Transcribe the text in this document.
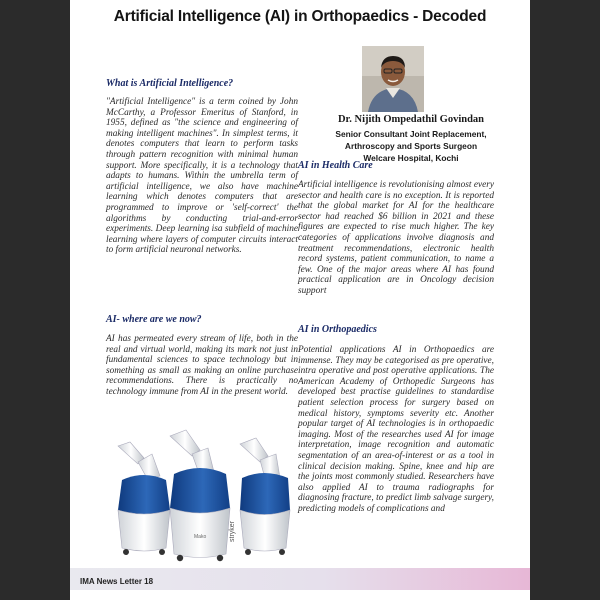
Artificial Intelligence (AI) in Orthopaedics - Decoded
What is Artificial Intelligence?

"Artificial Intelligence" is a term coined by John McCarthy, a Professor Emeritus of Stanford, in 1955, defined as "the science and engineering of making intelligent machines". In simplest terms, it denotes computers that learn to perform tasks through pattern recognition with minimal human support. More specifically, it is a technology that adapts to humans. Within the umbrella term of artificial intelligence, we also have machine learning which denotes computers that are programmed to improve or 'self-correct' the algorithms by conducting trial-and-error experiments. Deep learning isa subfield of machine learning where layers of computer circuits interact to form artificial neuronal networks.

AI- where are we now?

AI has permeated every stream of life, both in the real and virtual world, making its mark not just in fundamental sciences to space technology but in something as small as making an online purchase recommendations. There is practically no technology immune from AI in the present world.

Dr. Nijith Ompedathil Govindan
Senior Consultant Joint Replacement,
Arthroscopy and Sports Surgeon
Welcare Hospital, Kochi
AI in Health Care

Artificial intelligence is revolutionising almost every sector and health care is no exception. It is reported that the global market for AI for the healthcare sector had reached $6 billion in 2021 and these figures are expected to rise much higher. The key categories of applications involve diagnosis and treatment recommendations, electronic health record systems, patient communication, to name a few. One of the major areas where AI has found practical application are in Oncology decision support

AI in Orthopaedics

Potential applications AI in Orthopaedics are immense. They may be categorised as pre operative, intra operative and post operative applications. The American Academy of Orthopedic Surgeons has developed best practise guidelines to standardise patient selection process for surgery based on medical history, symptoms severity etc. Another popular target of AI technologies is in orthopaedic imaging. Most of the researches used AI for image interpretation, image recognition and automatic segmentation of an area-of-interest or as a tool in clinical decision making. Spine, knee and hip are the joints most commonly studied. Researchers have also applied AI to trauma radiographs for diagnosing fracture, to predict limb salvage surgery, predicting models of complications and

stryker
Mako
IMA News Letter 18
